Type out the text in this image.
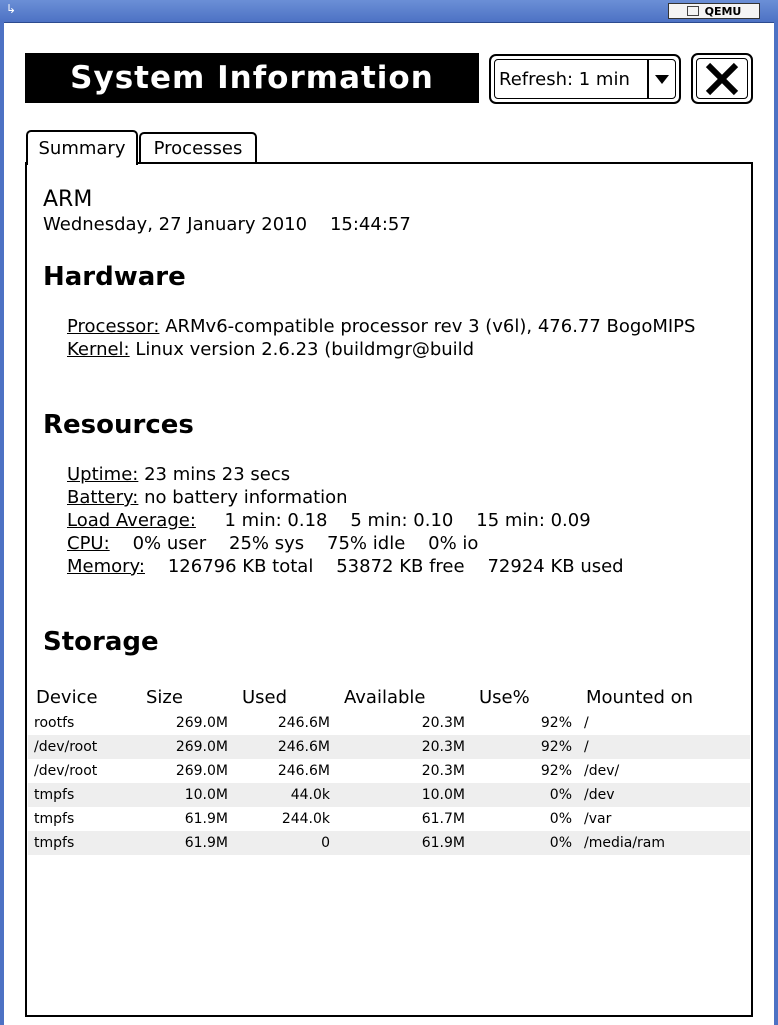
↳	QEMU
System Information	Refresh: 1 min
Summary Processes
ARM
Wednesday, 27 January 2010 15:44:57
Hardware
Processor: ARMv6-compatible processor rev 3 (v6l), 476.77 BogoMIPS
Kernel: Linux version 2.6.23 (buildmgr@build
Resources
Uptime: 23 mins 23 secs
Battery: no battery information
Load Average: 1 min: 0.18 5 min: 0.10 15 min: 0.09
CPU: 0% user 25% sys 75% idle 0% io
Memory: 126796 KB total 53872 KB free 72924 KB used
Storage
Device	Size	Used	Available	Use%	Mounted on
rootfs	269.0M	246.6M	20.3M	92%	/
/dev/root	269.0M	246.6M	20.3M	92%	/
/dev/root	269.0M	246.6M	20.3M	92%	/dev/
tmpfs	10.0M	44.0k	10.0M	0%	/dev
tmpfs	61.9M	244.0k	61.7M	0%	/var
tmpfs	61.9M	0	61.9M	0%	/media/ram
